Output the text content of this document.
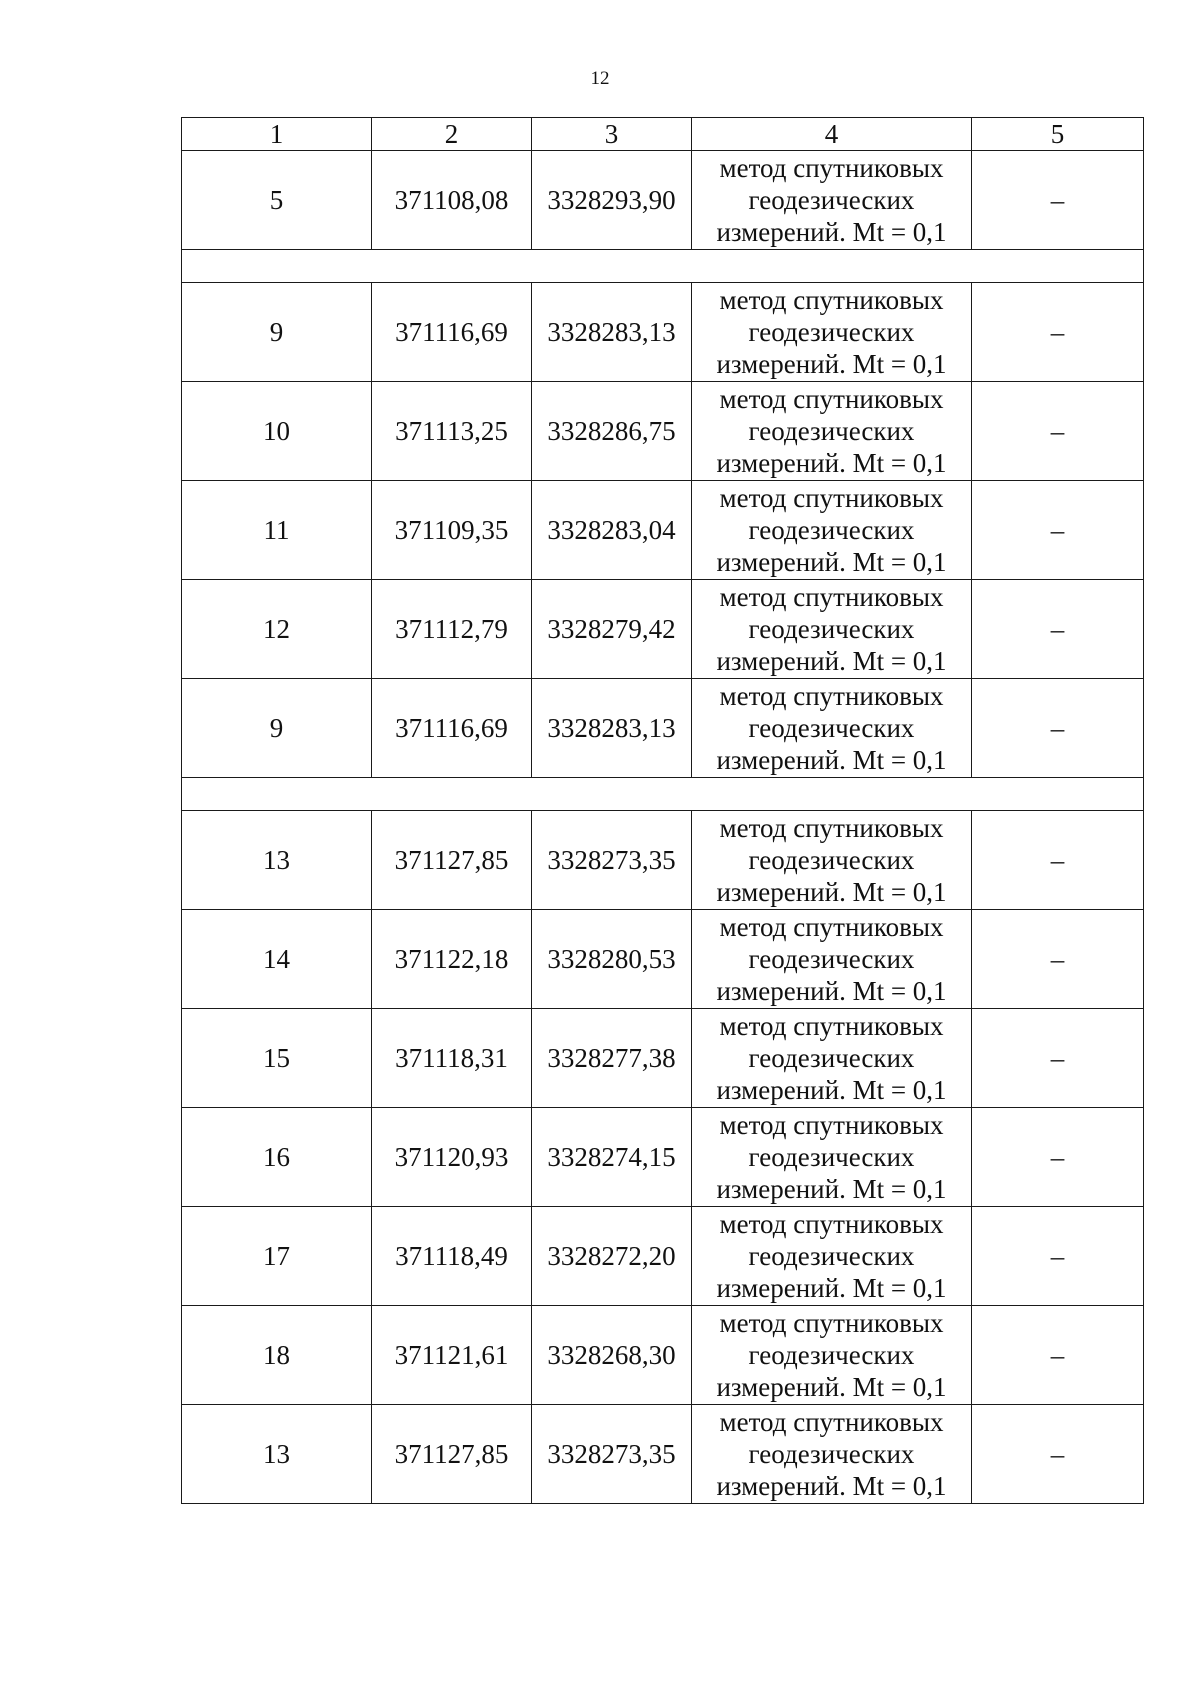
12
1	2	3	4	5
5	371108,08	3328293,90	метод спутниковых
геодезических
измерений. Mt = 0,1	–

9	371116,69	3328283,13	метод спутниковых
геодезических
измерений. Mt = 0,1	–
10	371113,25	3328286,75	метод спутниковых
геодезических
измерений. Mt = 0,1	–
11	371109,35	3328283,04	метод спутниковых
геодезических
измерений. Mt = 0,1	–
12	371112,79	3328279,42	метод спутниковых
геодезических
измерений. Mt = 0,1	–
9	371116,69	3328283,13	метод спутниковых
геодезических
измерений. Mt = 0,1	–

13	371127,85	3328273,35	метод спутниковых
геодезических
измерений. Mt = 0,1	–
14	371122,18	3328280,53	метод спутниковых
геодезических
измерений. Mt = 0,1	–
15	371118,31	3328277,38	метод спутниковых
геодезических
измерений. Mt = 0,1	–
16	371120,93	3328274,15	метод спутниковых
геодезических
измерений. Mt = 0,1	–
17	371118,49	3328272,20	метод спутниковых
геодезических
измерений. Mt = 0,1	–
18	371121,61	3328268,30	метод спутниковых
геодезических
измерений. Mt = 0,1	–
13	371127,85	3328273,35	метод спутниковых
геодезических
измерений. Mt = 0,1	–
